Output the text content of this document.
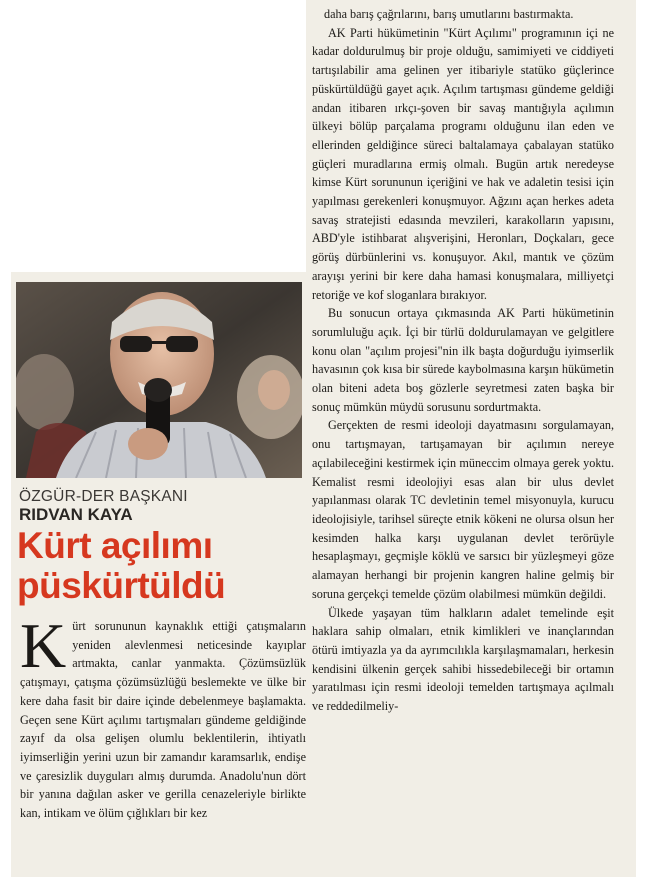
daha barış çağrılarını, barış umutlarını bastırmakta.

AK Parti hükümetinin "Kürt Açılımı" programının içi ne kadar doldurulmuş bir proje olduğu, samimiyeti ve ciddiyeti tartışılabilir ama gelinen yer itibariyle statüko güçlerince püskürtüldüğü gayet açık. Açılım tartışması gündeme geldiği andan itibaren ırkçı-şoven bir savaş mantığıyla açılımın ülkeyi bölüp parçalama programı olduğunu ilan eden ve ellerinden geldiğince süreci baltalamaya çabalayan statüko güçleri muradlarına ermiş olmalı. Bugün artık neredeyse kimse Kürt sorununun içeriğini ve hak ve adaletin tesisi için yapılması gerekenleri konuşmuyor. Ağzını açan herkes adeta savaş stratejisti edasında mevzileri, karakolların yapısını, ABD'yle istihbarat alışverişini, Heronları, Doçkaları, gece görüş dürbünlerini vs. konuşuyor. Akıl, mantık ve çözüm arayışı yerini bir kere daha hamasi konuşmalara, milliyetçi retoriğe ve kof sloganlara bırakıyor.

Bu sonucun ortaya çıkmasında AK Parti hükümetinin sorumluluğu açık. İçi bir türlü doldurulamayan ve gelgitlere konu olan "açılım projesi"nin ilk başta doğurduğu iyimserlik havasının çok kısa bir sürede kaybolmasına karşın hükümetin olan biteni adeta boş gözlerle seyretmesi zaten başka bir sonuç mümkün müydü sorusunu sordurtmakta.

Gerçekten de resmi ideoloji dayatmasını sorgulamayan, onu tartışmayan, tartışamayan bir açılımın nereye açılabileceğini kestirmek için müneccim olmaya gerek yoktu. Kemalist resmi ideolojiyi esas alan bir ulus devlet yapılanması olarak TC devletinin temel misyonuyla, kurucu ideolojisiyle, tarihsel süreçte etnik kökeni ne olursa olsun her kesimden halka karşı uygulanan devlet terörüyle hesaplaşmayı, geçmişle köklü ve sarsıcı bir yüzleşmeyi göze alamayan herhangi bir projenin kangren haline gelmiş bir soruna gerçekçi temelde çözüm olabilmesi mümkün değildi.

Ülkede yaşayan tüm halkların adalet temelinde eşit haklara sahip olmaları, etnik kimlikleri ve inançlarından ötürü imtiyazla ya da ayrımcılıkla karşılaşmamaları, herkesin kendisini ülkenin gerçek sahibi hissedebileceği bir ortamın yaratılması için resmi ideoloji temelden tartışmaya açılmalı ve reddedilmeliy-

ÖZGÜR-DER BAŞKANI
RIDVAN KAYA
Kürt açılımı
püskürtüldü

Kürt sorununun kaynaklık ettiği çatışmaların yeniden alevlenmesi neticesinde kayıplar artmakta, canlar yanmakta. Çözümsüzlük çatışmayı, çatışma çözümsüzlüğü beslemekte ve ülke bir kere daha fasit bir daire içinde debelenmeye başlamakta. Geçen sene Kürt açılımı tartışmaları gündeme geldiğinde zayıf da olsa gelişen olumlu beklentilerin, ihtiyatlı iyimserliğin yerini uzun bir zamandır karamsarlık, endişe ve çaresizlik duyguları almış durumda. Anadolu'nun dört bir yanına dağılan asker ve gerilla cenazeleriyle birlikte kan, intikam ve ölüm çığlıkları bir kez
